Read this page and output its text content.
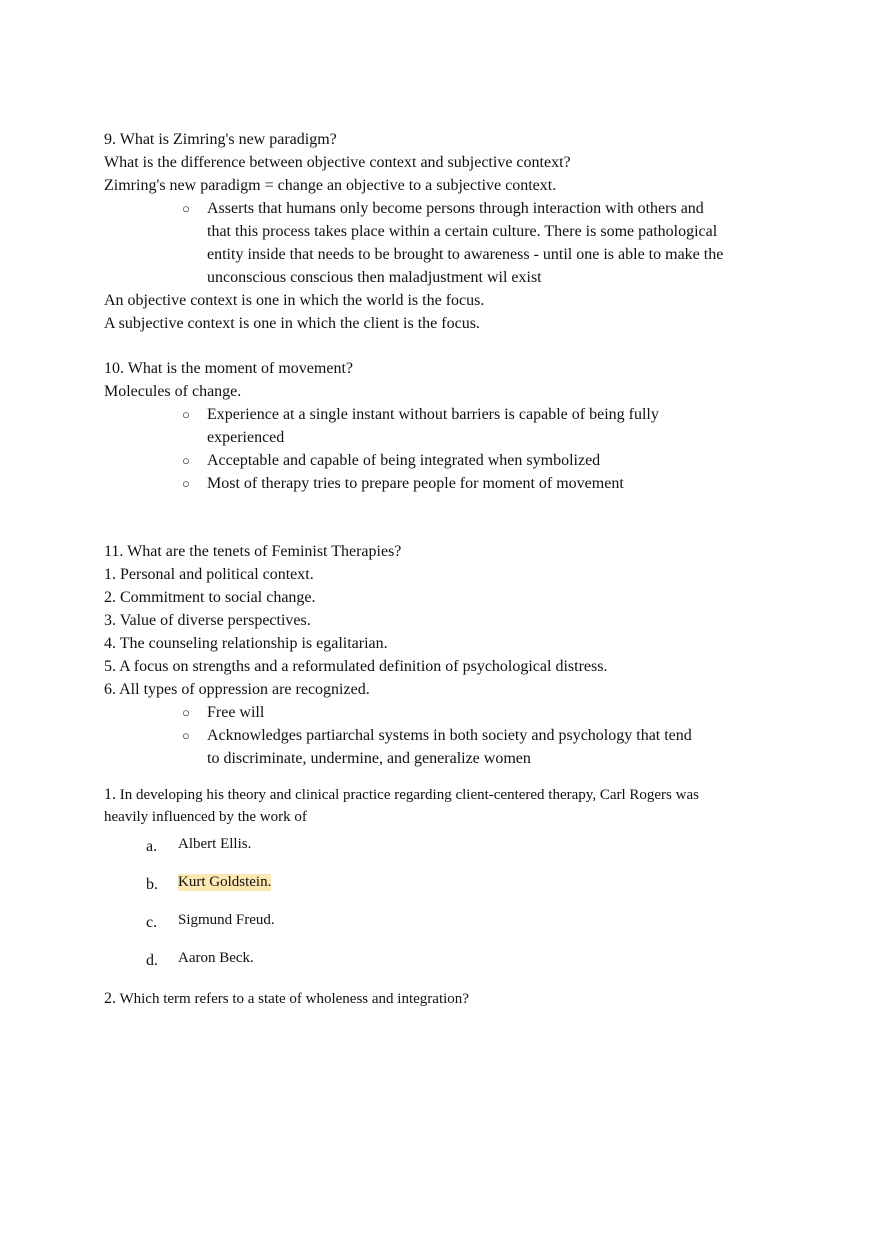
9. What is Zimring's new paradigm?
What is the difference between objective context and subjective context?
Zimring's new paradigm = change an objective to a subjective context.
○ Asserts that humans only become persons through interaction with others and that this process takes place within a certain culture. There is some pathological entity inside that needs to be brought to awareness - until one is able to make the unconscious conscious then maladjustment wil exist
An objective context is one in which the world is the focus.
A subjective context is one in which the client is the focus.
10. What is the moment of movement?
Molecules of change.
○ Experience at a single instant without barriers is capable of being fully experienced
○ Acceptable and capable of being integrated when symbolized
○ Most of therapy tries to prepare people for moment of movement
11. What are the tenets of Feminist Therapies?
1. Personal and political context.
2. Commitment to social change.
3. Value of diverse perspectives.
4. The counseling relationship is egalitarian.
5. A focus on strengths and a reformulated definition of psychological distress.
6. All types of oppression are recognized.
○ Free will
○ Acknowledges partiarchal systems in both society and psychology that tend to discriminate, undermine, and generalize women
1. In developing his theory and clinical practice regarding client-centered therapy, Carl Rogers was heavily influenced by the work of
a. Albert Ellis.
b. Kurt Goldstein.
c. Sigmund Freud.
d. Aaron Beck.
2. Which term refers to a state of wholeness and integration?
